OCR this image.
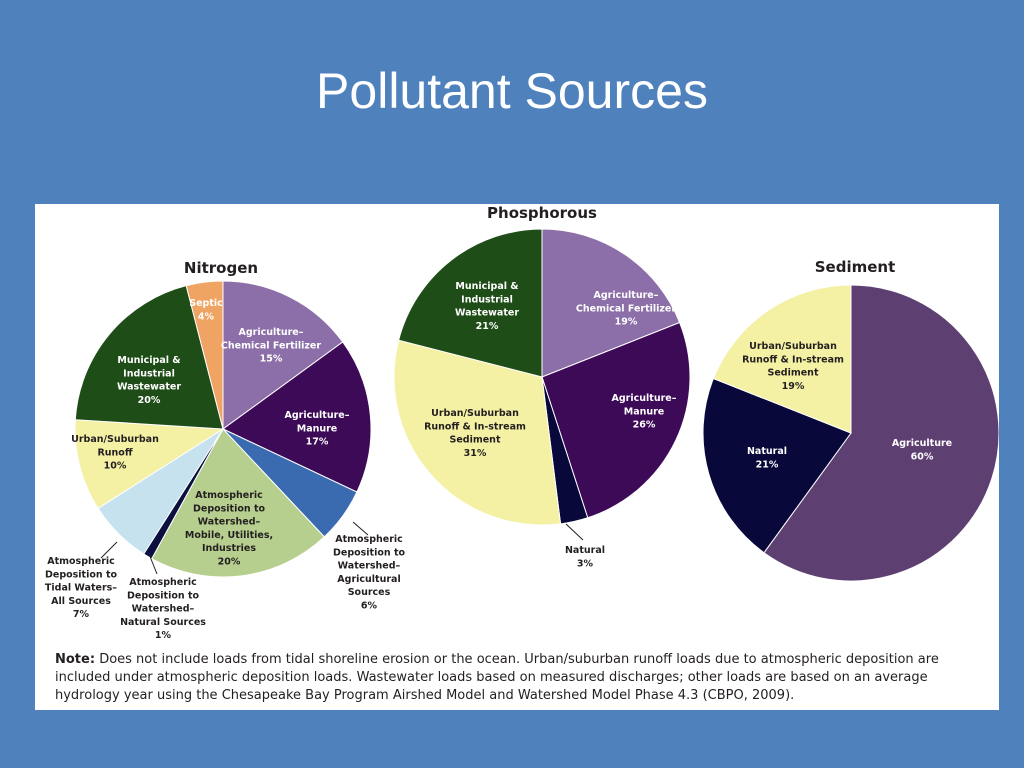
Pollutant Sources
Nitrogen
Agriculture– Chemical Fertilizer 15%
Agriculture– Manure 17%
Atmospheric Deposition to Watershed– Agricultural Sources 6%
Atmospheric Deposition to Watershed– Mobile, Utilities, Industries 20%
Atmospheric Deposition to Watershed– Natural Sources 1%
Atmospheric Deposition to Tidal Waters– All Sources 7%
Urban/Suburban Runoff 10%
Municipal & Industrial Wastewater 20%
Septic 4%
Phosphorous
Agriculture– Chemical Fertilizer 19%
Agriculture– Manure 26%
Natural 3%
Urban/Suburban Runoff & In-stream Sediment 31%
Municipal & Industrial Wastewater 21%
Sediment
Agriculture 60%
Natural 21%
Urban/Suburban Runoff & In-stream Sediment 19%
Note: Does not include loads from tidal shoreline erosion or the ocean. Urban/suburban runoff loads due to atmospheric deposition are included under atmospheric deposition loads. Wastewater loads based on measured discharges; other loads are based on an average hydrology year using the Chesapeake Bay Program Airshed Model and Watershed Model Phase 4.3 (CBPO, 2009).
